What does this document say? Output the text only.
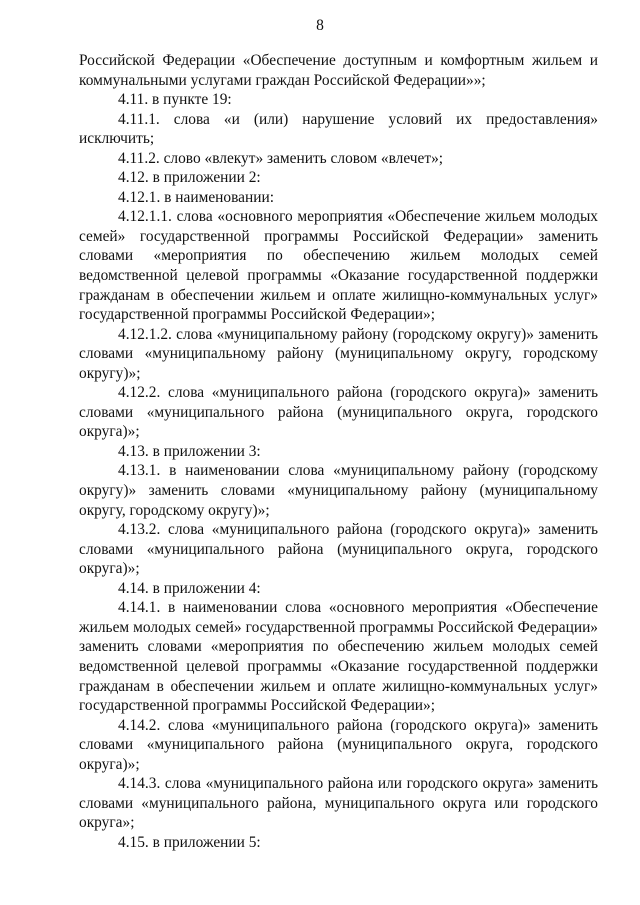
8

Российской Федерации «Обеспечение доступным и комфортным жильем и коммунальными услугами граждан Российской Федерации»»;

4.11. в пункте 19:

4.11.1. слова «и (или) нарушение условий их предоставления» исключить;

4.11.2. слово «влекут» заменить словом «влечет»;

4.12. в приложении 2:

4.12.1. в наименовании:

4.12.1.1. слова «основного мероприятия «Обеспечение жильем молодых семей» государственной программы Российской Федерации» заменить словами «мероприятия по обеспечению жильем молодых семей ведомственной целевой программы «Оказание государственной поддержки гражданам в обеспечении жильем и оплате жилищно-коммунальных услуг» государственной программы Российской Федерации»;

4.12.1.2. слова «муниципальному району (городскому округу)» заменить словами «муниципальному району (муниципальному округу, городскому округу)»;

4.12.2. слова «муниципального района (городского округа)» заменить словами «муниципального района (муниципального округа, городского округа)»;

4.13. в приложении 3:

4.13.1. в наименовании слова «муниципальному району (городскому округу)» заменить словами «муниципальному району (муниципальному округу, городскому округу)»;

4.13.2. слова «муниципального района (городского округа)» заменить словами «муниципального района (муниципального округа, городского округа)»;

4.14. в приложении 4:

4.14.1. в наименовании слова «основного мероприятия «Обеспечение жильем молодых семей» государственной программы Российской Федерации» заменить словами «мероприятия по обеспечению жильем молодых семей ведомственной целевой программы «Оказание государственной поддержки гражданам в обеспечении жильем и оплате жилищно-коммунальных услуг» государственной программы Российской Федерации»;

4.14.2. слова «муниципального района (городского округа)» заменить словами «муниципального района (муниципального округа, городского округа)»;

4.14.3. слова «муниципального района или городского округа» заменить словами «муниципального района, муниципального округа или городского округа»;

4.15. в приложении 5:
